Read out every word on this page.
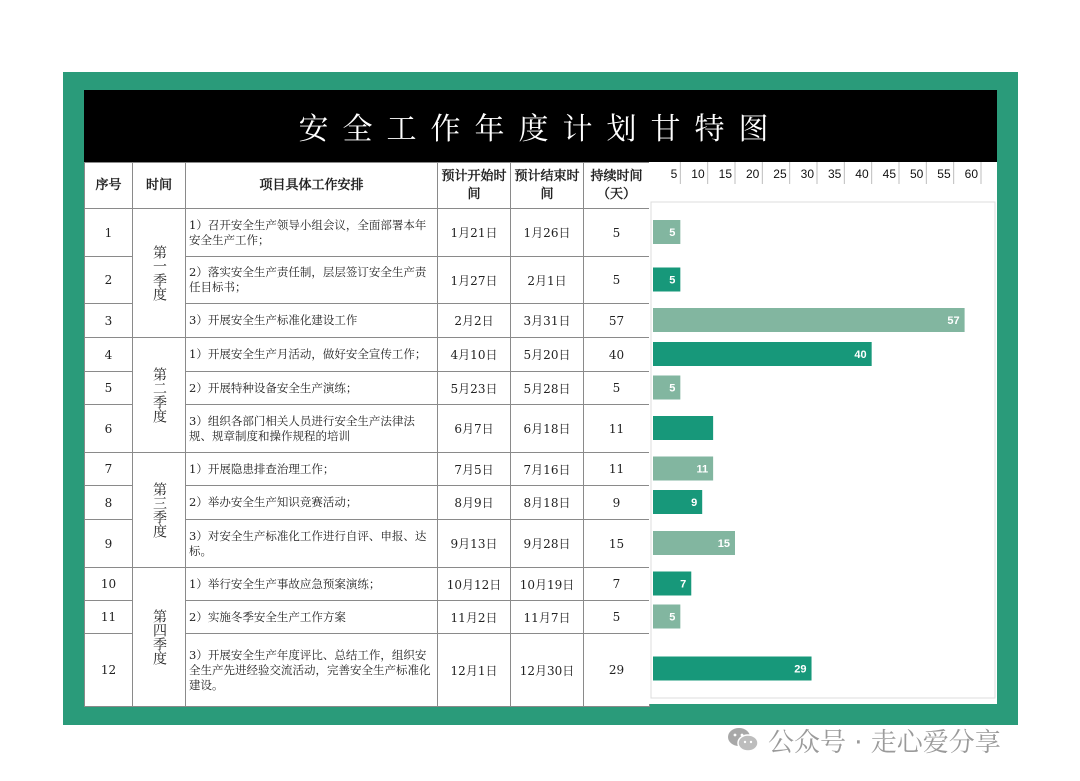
安全工作年度计划甘特图
序号	时间	项目具体工作安排	预计开始时间	预计结束时间	持续时间（天）
1	第一季度	1）召开安全生产领导小组会议，全面部署本年安全生产工作；	1月21日	1月26日	5
2		2）落实安全生产责任制，层层签订安全生产责任目标书；	1月27日	2月1日	5
3		3）开展安全生产标准化建设工作	2月2日	3月31日	57
4	第二季度	1）开展安全生产月活动，做好安全宣传工作；	4月10日	5月20日	40
5		2）开展特种设备安全生产演练；	5月23日	5月28日	5
6		3）组织各部门相关人员进行安全生产法律法规、规章制度和操作规程的培训	6月7日	6月18日	11
7	第三季度	1）开展隐患排查治理工作；	7月5日	7月16日	11
8		2）举办安全生产知识竞赛活动；	8月9日	8月18日	9
9		3）对安全生产标准化工作进行自评、申报、达标。	9月13日	9月28日	15
10	第四季度	1）举行安全生产事故应急预案演练；	10月12日	10月19日	7
11		2）实施冬季安全生产工作方案	11月2日	11月7日	5
12		3）开展安全生产年度评比、总结工作，组织安全生产先进经验交流活动，完善安全生产标准化建设。	12月1日	12月30日	29
5 10 15 20 25 30 35 40 45 50 55 60
5
5
57
40
5
11
9
15
7
5
29
公众号 · 走心爱分享
